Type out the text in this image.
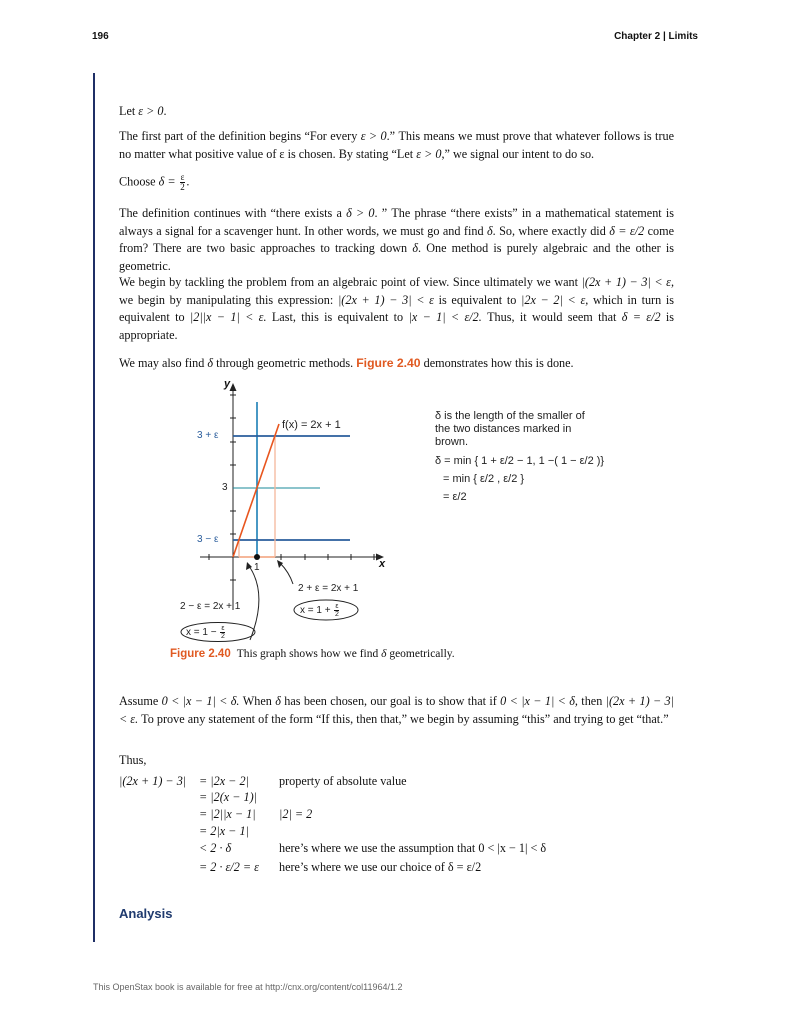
196	Chapter 2 | Limits

Let ε > 0.

The first part of the definition begins “For every ε > 0.” This means we must prove that whatever follows is true no matter what positive value of ε is chosen. By stating “Let ε > 0,” we signal our intent to do so.

Choose $\delta = \frac{\varepsilon}{2}$ .

The definition continues with “there exists a δ > 0. ” The phrase “there exists” in a mathematical statement is always a signal for a scavenger hunt. In other words, we must go and find δ. So, where exactly did δ = ε/2 come from? There are two basic approaches to tracking down δ. One method is purely algebraic and the other is geometric.

We begin by tackling the problem from an algebraic point of view. Since ultimately we want |(2x + 1) − 3| < ε, we begin by manipulating this expression: |(2x + 1) − 3| < ε is equivalent to |2x − 2| < ε, which in turn is equivalent to |2||x − 1| < ε. Last, this is equivalent to |x − 1| < ε/2. Thus, it would seem that δ = ε/2 is appropriate.

We may also find δ through geometric methods. Figure 2.40 demonstrates how this is done.

y
x
f(x) = 2x + 1
3 + ε
3
3 − ε
1
2 + ε = 2x + 1
$x = 1 + \frac{\varepsilon}{2}$
2 − ε = 2x + 1
$x = 1 - \frac{\varepsilon}{2}$

δ is the length of the smaller of

the two distances marked in

brown.

δ = min { 1 + ε/2 − 1, 1 −( 1 − ε/2 )}

= min { ε/2 , ε/2 }

= ε/2

Figure 2.40 This graph shows how we find δ geometrically.

Assume 0 < |x − 1| < δ. When δ has been chosen, our goal is to show that if 0 < |x − 1| < δ, then |(2x + 1) − 3| < ε. To prove any statement of the form “If this, then that,” we begin by assuming “this” and trying to get “that.”

Thus,

|(2x + 1) − 3| = |2x − 2| property of absolute value
= |2(x − 1)|
= |2||x − 1| |2| = 2
= 2|x − 1|
< 2 · δ	here’s where we use the assumption that 0 < |x − 1| < δ
= 2 · ε/2 = ε here’s where we use our choice of δ = ε/2
Analysis
This OpenStax book is available for free at http://cnx.org/content/col11964/1.2
